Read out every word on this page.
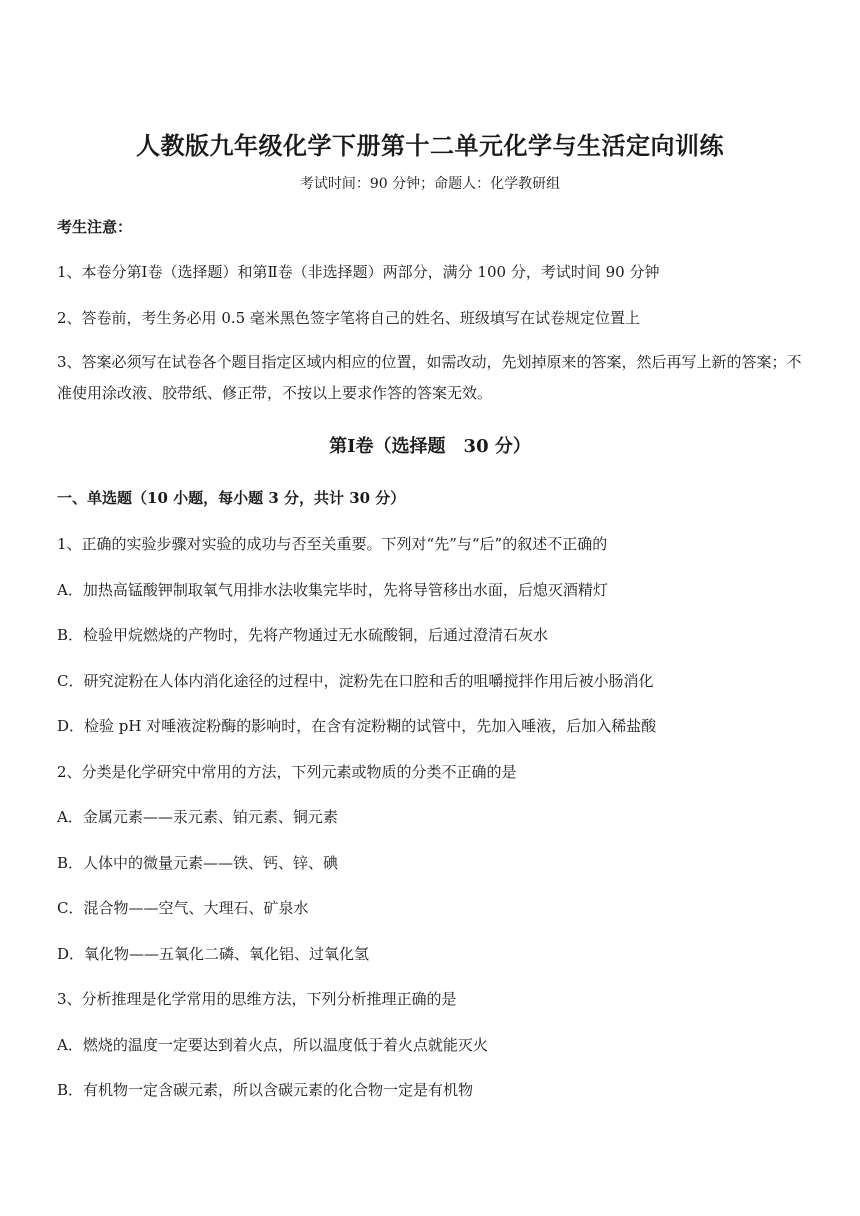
人教版九年级化学下册第十二单元化学与生活定向训练
考试时间：90 分钟；命题人：化学教研组
考生注意：
1、本卷分第Ⅰ卷（选择题）和第Ⅱ卷（非选择题）两部分，满分 100 分，考试时间 90 分钟
2、答卷前，考生务必用 0.5 毫米黑色签字笔将自己的姓名、班级填写在试卷规定位置上
3、答案必须写在试卷各个题目指定区域内相应的位置，如需改动，先划掉原来的答案，然后再写上新的答案；不准使用涂改液、胶带纸、修正带，不按以上要求作答的答案无效。
第Ⅰ卷（选择题　30 分）
一、单选题（10 小题，每小题 3 分，共计 30 分）
1、正确的实验步骤对实验的成功与否至关重要。下列对“先”与“后”的叙述不正确的
A．加热高锰酸钾制取氧气用排水法收集完毕时，先将导管移出水面，后熄灭酒精灯
B．检验甲烷燃烧的产物时，先将产物通过无水硫酸铜，后通过澄清石灰水
C．研究淀粉在人体内消化途径的过程中，淀粉先在口腔和舌的咀嚼搅拌作用后被小肠消化
D．检验 pH 对唾液淀粉酶的影响时，在含有淀粉糊的试管中，先加入唾液，后加入稀盐酸
2、分类是化学研究中常用的方法，下列元素或物质的分类不正确的是
A．金属元素——汞元素、铂元素、铜元素
B．人体中的微量元素——铁、钙、锌、碘
C．混合物——空气、大理石、矿泉水
D．氧化物——五氧化二磷、氧化铝、过氧化氢
3、分析推理是化学常用的思维方法，下列分析推理正确的是
A．燃烧的温度一定要达到着火点，所以温度低于着火点就能灭火
B．有机物一定含碳元素，所以含碳元素的化合物一定是有机物
